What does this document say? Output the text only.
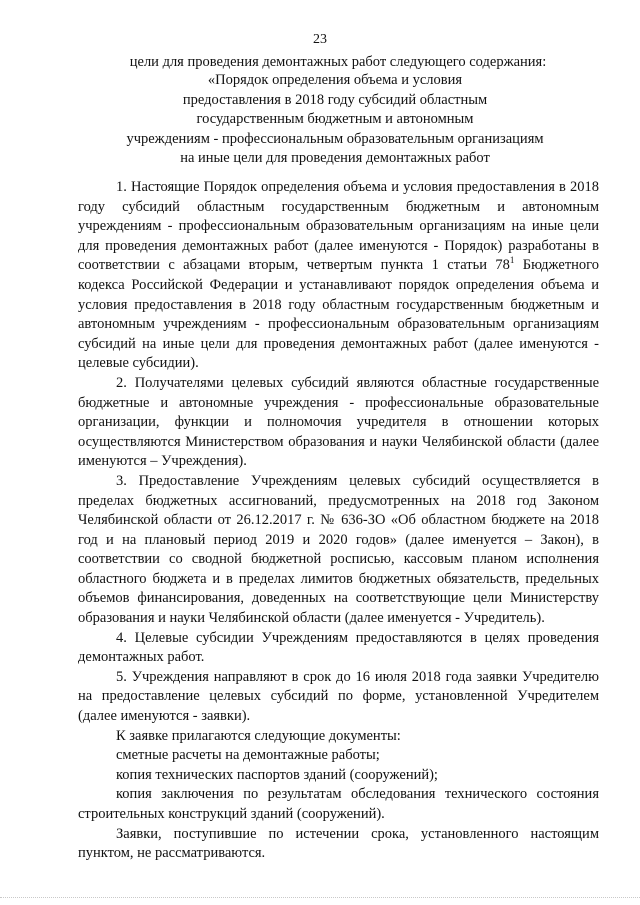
23
цели для проведения демонтажных работ следующего содержания:
«Порядок определения объема и условия
предоставления в 2018 году субсидий областным
государственным бюджетным и автономным
учреждениям - профессиональным образовательным организациям
на иные цели для проведения демонтажных работ

1. Настоящие Порядок определения объема и условия предоставления в 2018 году субсидий областным государственным бюджетным и автономным учреждениям - профессиональным образовательным организациям на иные цели для проведения демонтажных работ (далее именуются - Порядок) разработаны в соответствии с абзацами вторым, четвертым пункта 1 статьи $78^1$ Бюджетного кодекса Российской Федерации и устанавливают порядок определения объема и условия предоставления в 2018 году областным государственным бюджетным и автономным учреждениям - профессиональным образовательным организациям субсидий на иные цели для проведения демонтажных работ (далее именуются - целевые субсидии).

2. Получателями целевых субсидий являются областные государственные бюджетные и автономные учреждения - профессиональные образовательные организации, функции и полномочия учредителя в отношении которых осуществляются Министерством образования и науки Челябинской области (далее именуются – Учреждения).

3. Предоставление Учреждениям целевых субсидий осуществляется в пределах бюджетных ассигнований, предусмотренных на 2018 год Законом Челябинской области от 26.12.2017 г. № 636-ЗО «Об областном бюджете на 2018 год и на плановый период 2019 и 2020 годов» (далее именуется – Закон), в соответствии со сводной бюджетной росписью, кассовым планом исполнения областного бюджета и в пределах лимитов бюджетных обязательств, предельных объемов финансирования, доведенных на соответствующие цели Министерству образования и науки Челябинской области (далее именуется - Учредитель).

4. Целевые субсидии Учреждениям предоставляются в целях проведения демонтажных работ.

5. Учреждения направляют в срок до 16 июля 2018 года заявки Учредителю на предоставление целевых субсидий по форме, установленной Учредителем (далее именуются - заявки).

К заявке прилагаются следующие документы:

сметные расчеты на демонтажные работы;

копия технических паспортов зданий (сооружений);

копия заключения по результатам обследования технического состояния строительных конструкций зданий (сооружений).

Заявки, поступившие по истечении срока, установленного настоящим пунктом, не рассматриваются.
